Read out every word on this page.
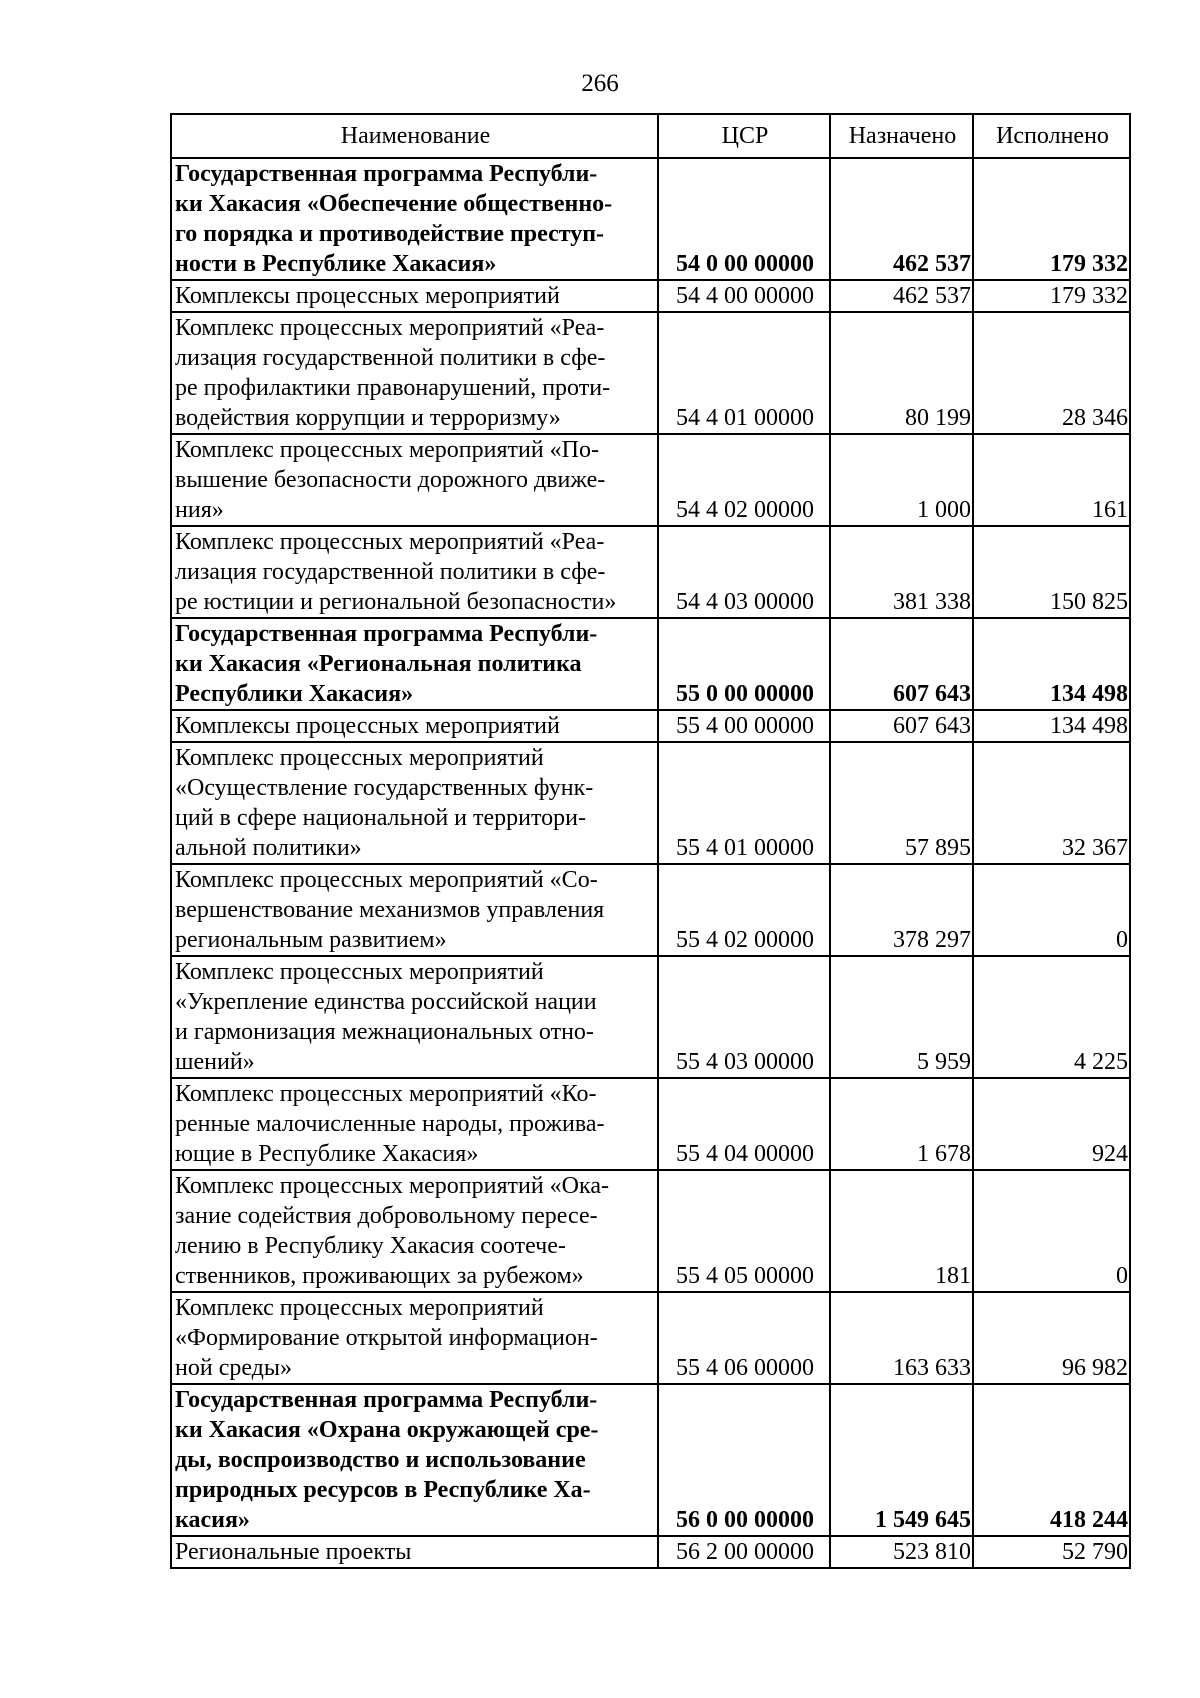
266
Наименование	ЦСР	Назначено	Исполнено
Государственная программа Республи-
ки Хакасия «Обеспечение общественно-
го порядка и противодействие преступ-
ности в Республике Хакасия»	54 0 00 00000	462 537	179 332
Комплексы процессных мероприятий	54 4 00 00000	462 537	179 332
Комплекс процессных мероприятий «Реа-
лизация государственной политики в сфе-
ре профилактики правонарушений, проти-
водействия коррупции и терроризму»	54 4 01 00000	80 199	28 346
Комплекс процессных мероприятий «По-
вышение безопасности дорожного движе-
ния»	54 4 02 00000	1 000	161
Комплекс процессных мероприятий «Реа-
лизация государственной политики в сфе-
ре юстиции и региональной безопасности»	54 4 03 00000	381 338	150 825
Государственная программа Республи-
ки Хакасия «Региональная политика
Республики Хакасия»	55 0 00 00000	607 643	134 498
Комплексы процессных мероприятий	55 4 00 00000	607 643	134 498
Комплекс процессных мероприятий
«Осуществление государственных функ-
ций в сфере национальной и территори-
альной политики»	55 4 01 00000	57 895	32 367
Комплекс процессных мероприятий «Со-
вершенствование механизмов управления
региональным развитием»	55 4 02 00000	378 297	0
Комплекс процессных мероприятий
«Укрепление единства российской нации
и гармонизация межнациональных отно-
шений»	55 4 03 00000	5 959	4 225
Комплекс процессных мероприятий «Ко-
ренные малочисленные народы, прожива-
ющие в Республике Хакасия»	55 4 04 00000	1 678	924
Комплекс процессных мероприятий «Ока-
зание содействия добровольному пересе-
лению в Республику Хакасия соотече-
ственников, проживающих за рубежом»	55 4 05 00000	181	0
Комплекс процессных мероприятий
«Формирование открытой информацион-
ной среды»	55 4 06 00000	163 633	96 982
Государственная программа Республи-
ки Хакасия «Охрана окружающей сре-
ды, воспроизводство и использование
природных ресурсов в Республике Ха-
касия»	56 0 00 00000	1 549 645	418 244
Региональные проекты	56 2 00 00000	523 810	52 790
